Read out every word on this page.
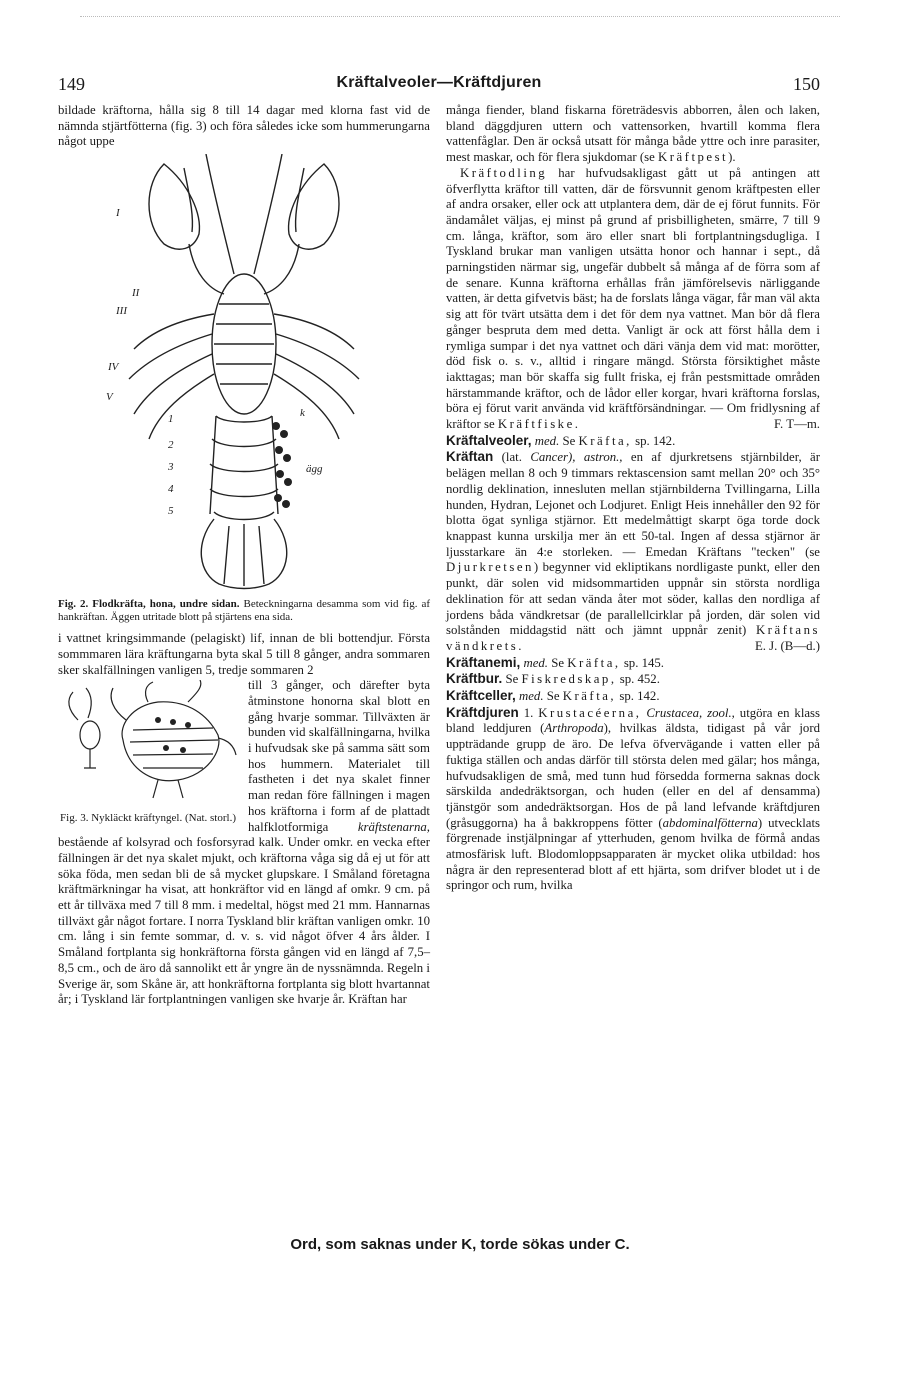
149	Kräftalveoler—Kräftdjuren	150

bildade kräftorna, hålla sig 8 till 14 dagar med klorna fast vid de nämnda stjärtfötterna (fig. 3) och föra således icke som hummerungarna något uppe

I
II
III
IV
V
k
1
2
3
4
5
ägg
Fig. 2. Flodkräfta, hona, undre sidan. Beteckningarna desamma som vid fig. af hankräftan. Äggen utritade blott på stjärtens ena sida.

i vattnet kringsimmande (pelagiskt) lif, innan de bli bottendjur. Första sommmaren lära kräftungarna byta skal 5 till 8 gånger, andra sommaren sker skalfällningen vanligen 5, tredje sommaren 2

Fig. 3. Nykläckt kräftyngel. (Nat. storl.)

till 3 gånger, och därefter byta åtminstone honorna skal blott en gång hvarje sommar. Tillväxten är bunden vid skalfällningarna, hvilka i hufvudsak ske på samma sätt som hos hummern. Materialet till fastheten i det nya skalet finner man redan före fällningen i magen hos kräftorna i form af de plattadt halfklotformiga kräftstenarna, bestående af kolsyrad och fosforsyrad kalk. Under omkr. en vecka efter fällningen är det nya skalet mjukt, och kräftorna våga sig då ej ut för att söka föda, men sedan bli de så mycket glupskare. I Småland företagna kräftmärkningar ha visat, att honkräftor vid en längd af omkr. 9 cm. på ett år tillväxa med 7 till 8 mm. i medeltal, högst med 21 mm. Hannarnas tillväxt går något fortare. I norra Tyskland blir kräftan vanligen omkr. 10 cm. lång i sin femte sommar, d. v. s. vid något öfver 4 års ålder. I Småland fortplanta sig honkräftorna första gången vid en längd af 7,5–8,5 cm., och de äro då sannolikt ett år yngre än de nyssnämnda. Regeln i Sverige är, som Skåne är, att honkräftorna fortplanta sig blott hvartannat år; i Tyskland lär fortplantningen vanligen ske hvarje år. Kräftan har

många fiender, bland fiskarna företrädesvis abborren, ålen och laken, bland däggdjuren uttern och vattensorken, hvartill komma flera vattenfåglar. Den är också utsatt för många både yttre och inre parasiter, mest maskar, och för flera sjukdomar (se Kräftpest).

Kräftodling har hufvudsakligast gått ut på antingen att öfverflytta kräftor till vatten, där de försvunnit genom kräftpesten eller af andra orsaker, eller ock att utplantera dem, där de ej förut funnits. För ändamålet väljas, ej minst på grund af prisbilligheten, smärre, 7 till 9 cm. långa, kräftor, som äro eller snart bli fortplantningsdugliga. I Tyskland brukar man vanligen utsätta honor och hannar i sept., då parningstiden närmar sig, ungefär dubbelt så många af de förra som af de senare. Kunna kräftorna erhållas från jämförelsevis närliggande vatten, är detta gifvetvis bäst; ha de forslats långa vägar, får man väl akta sig att för tvärt utsätta dem i det för dem nya vattnet. Man bör då flera gånger bespruta dem med detta. Vanligt är ock att först hålla dem i rymliga sumpar i det nya vattnet och däri vänja dem vid mat: morötter, död fisk o. s. v., alltid i ringare mängd. Största försiktighet måste iakttagas; man bör skaffa sig fullt friska, ej från pestsmittade områden härstammande kräftor, och de lådor eller korgar, hvari kräftorna forslas, böra ej förut varit använda vid kräftförsändningar. — Om fridlysning af kräftor se Kräftfiske.	F. T—m.

Kräftalveoler, med. Se Kräfta, sp. 142.

Kräftan (lat. Cancer), astron., en af djurkretsens stjärnbilder, är belägen mellan 8 och 9 timmars rektascension samt mellan 20° och 35° nordlig deklination, innesluten mellan stjärnbilderna Tvillingarna, Lilla hunden, Hydran, Lejonet och Lodjuret. Enligt Heis innehåller den 92 för blotta ögat synliga stjärnor. Ett medelmåttigt skarpt öga torde dock knappast kunna urskilja mer än ett 50-tal. Ingen af dessa stjärnor är ljusstarkare än 4:e storleken. — Emedan Kräftans "tecken" (se Djurkretsen) begynner vid ekliptikans nordligaste punkt, eller den punkt, där solen vid midsommartiden uppnår sin största nordliga deklination för att sedan vända åter mot söder, kallas den nordliga af jordens båda vändkretsar (de parallellcirklar på jorden, där solen vid solstånden middagstid nätt och jämnt uppnår zenit) Kräftans vändkrets.	E. J. (B—d.)

Kräftanemi, med. Se Kräfta, sp. 145.

Kräftbur. Se Fiskredskap, sp. 452.

Kräftceller, med. Se Kräfta, sp. 142.

Kräftdjuren 1. Krustacéerna, Crustacea, zool., utgöra en klass bland leddjuren (Arthropoda), hvilkas äldsta, tidigast på vår jord uppträdande grupp de äro. De lefva öfvervägande i vatten eller på fuktiga ställen och andas därför till största delen med gälar; hos många, hufvudsakligen de små, med tunn hud försedda formerna saknas dock särskilda andedräktsorgan, och huden (eller en del af densamma) tjänstgör som andedräktsorgan. Hos de på land lefvande kräftdjuren (gråsuggorna) ha å bakkroppens fötter (abdominalfötterna) utvecklats förgrenade instjälpningar af ytterhuden, genom hvilka de förmå andas atmosfärisk luft. Blodomloppsapparaten är mycket olika utbildad: hos några är den representerad blott af ett hjärta, som drifver blodet ut i de springor och rum, hvilka

Ord, som saknas under K, torde sökas under C.
